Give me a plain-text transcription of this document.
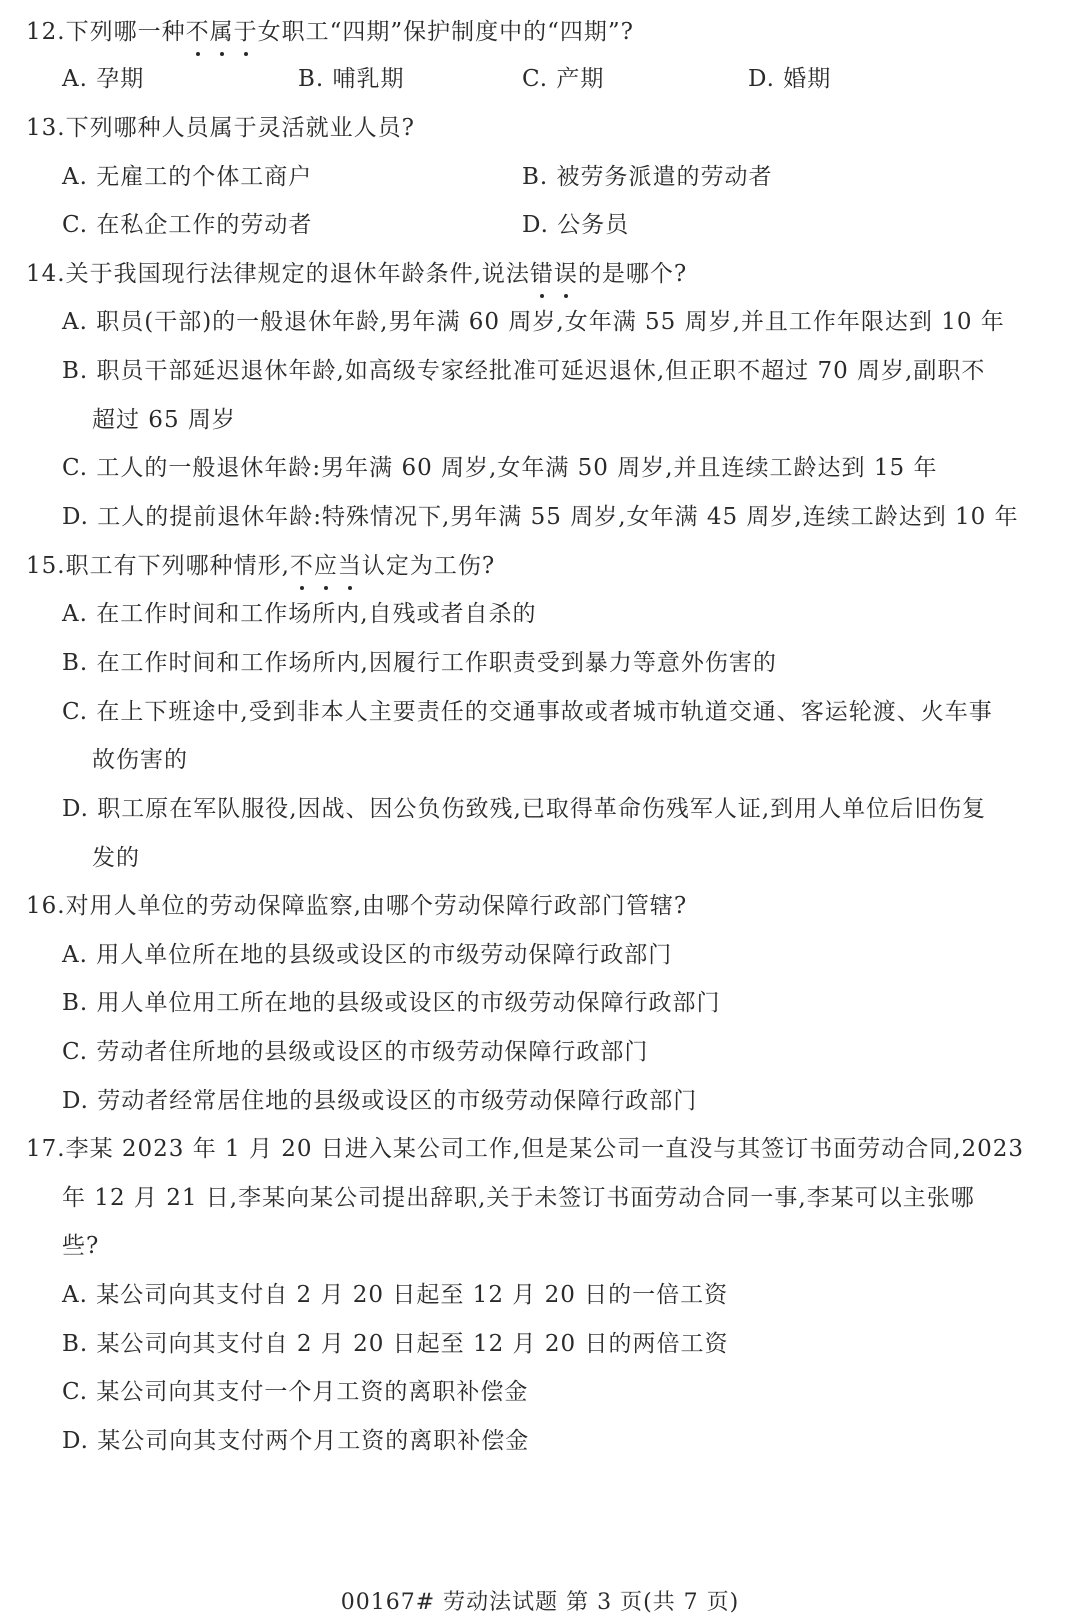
12.下列哪一种不属于女职工“四期”保护制度中的“四期”?
A. 孕期	B. 哺乳期	C. 产期	D. 婚期
13.下列哪种人员属于灵活就业人员?
A. 无雇工的个体工商户	B. 被劳务派遣的劳动者
C. 在私企工作的劳动者	D. 公务员
14.关于我国现行法律规定的退休年龄条件,说法错误的是哪个?
A. 职员(干部)的一般退休年龄,男年满 60 周岁,女年满 55 周岁,并且工作年限达到 10 年
B. 职员干部延迟退休年龄,如高级专家经批准可延迟退休,但正职不超过 70 周岁,副职不
超过 65 周岁
C. 工人的一般退休年龄:男年满 60 周岁,女年满 50 周岁,并且连续工龄达到 15 年
D. 工人的提前退休年龄:特殊情况下,男年满 55 周岁,女年满 45 周岁,连续工龄达到 10 年
15.职工有下列哪种情形,不应当认定为工伤?
A. 在工作时间和工作场所内,自残或者自杀的
B. 在工作时间和工作场所内,因履行工作职责受到暴力等意外伤害的
C. 在上下班途中,受到非本人主要责任的交通事故或者城市轨道交通、客运轮渡、火车事
故伤害的
D. 职工原在军队服役,因战、因公负伤致残,已取得革命伤残军人证,到用人单位后旧伤复
发的
16.对用人单位的劳动保障监察,由哪个劳动保障行政部门管辖?
A. 用人单位所在地的县级或设区的市级劳动保障行政部门
B. 用人单位用工所在地的县级或设区的市级劳动保障行政部门
C. 劳动者住所地的县级或设区的市级劳动保障行政部门
D. 劳动者经常居住地的县级或设区的市级劳动保障行政部门
17.李某 2023 年 1 月 20 日进入某公司工作,但是某公司一直没与其签订书面劳动合同,2023
年 12 月 21 日,李某向某公司提出辞职,关于未签订书面劳动合同一事,李某可以主张哪
些?
A. 某公司向其支付自 2 月 20 日起至 12 月 20 日的一倍工资
B. 某公司向其支付自 2 月 20 日起至 12 月 20 日的两倍工资
C. 某公司向其支付一个月工资的离职补偿金
D. 某公司向其支付两个月工资的离职补偿金
00167# 劳动法试题 第 3 页(共 7 页)
